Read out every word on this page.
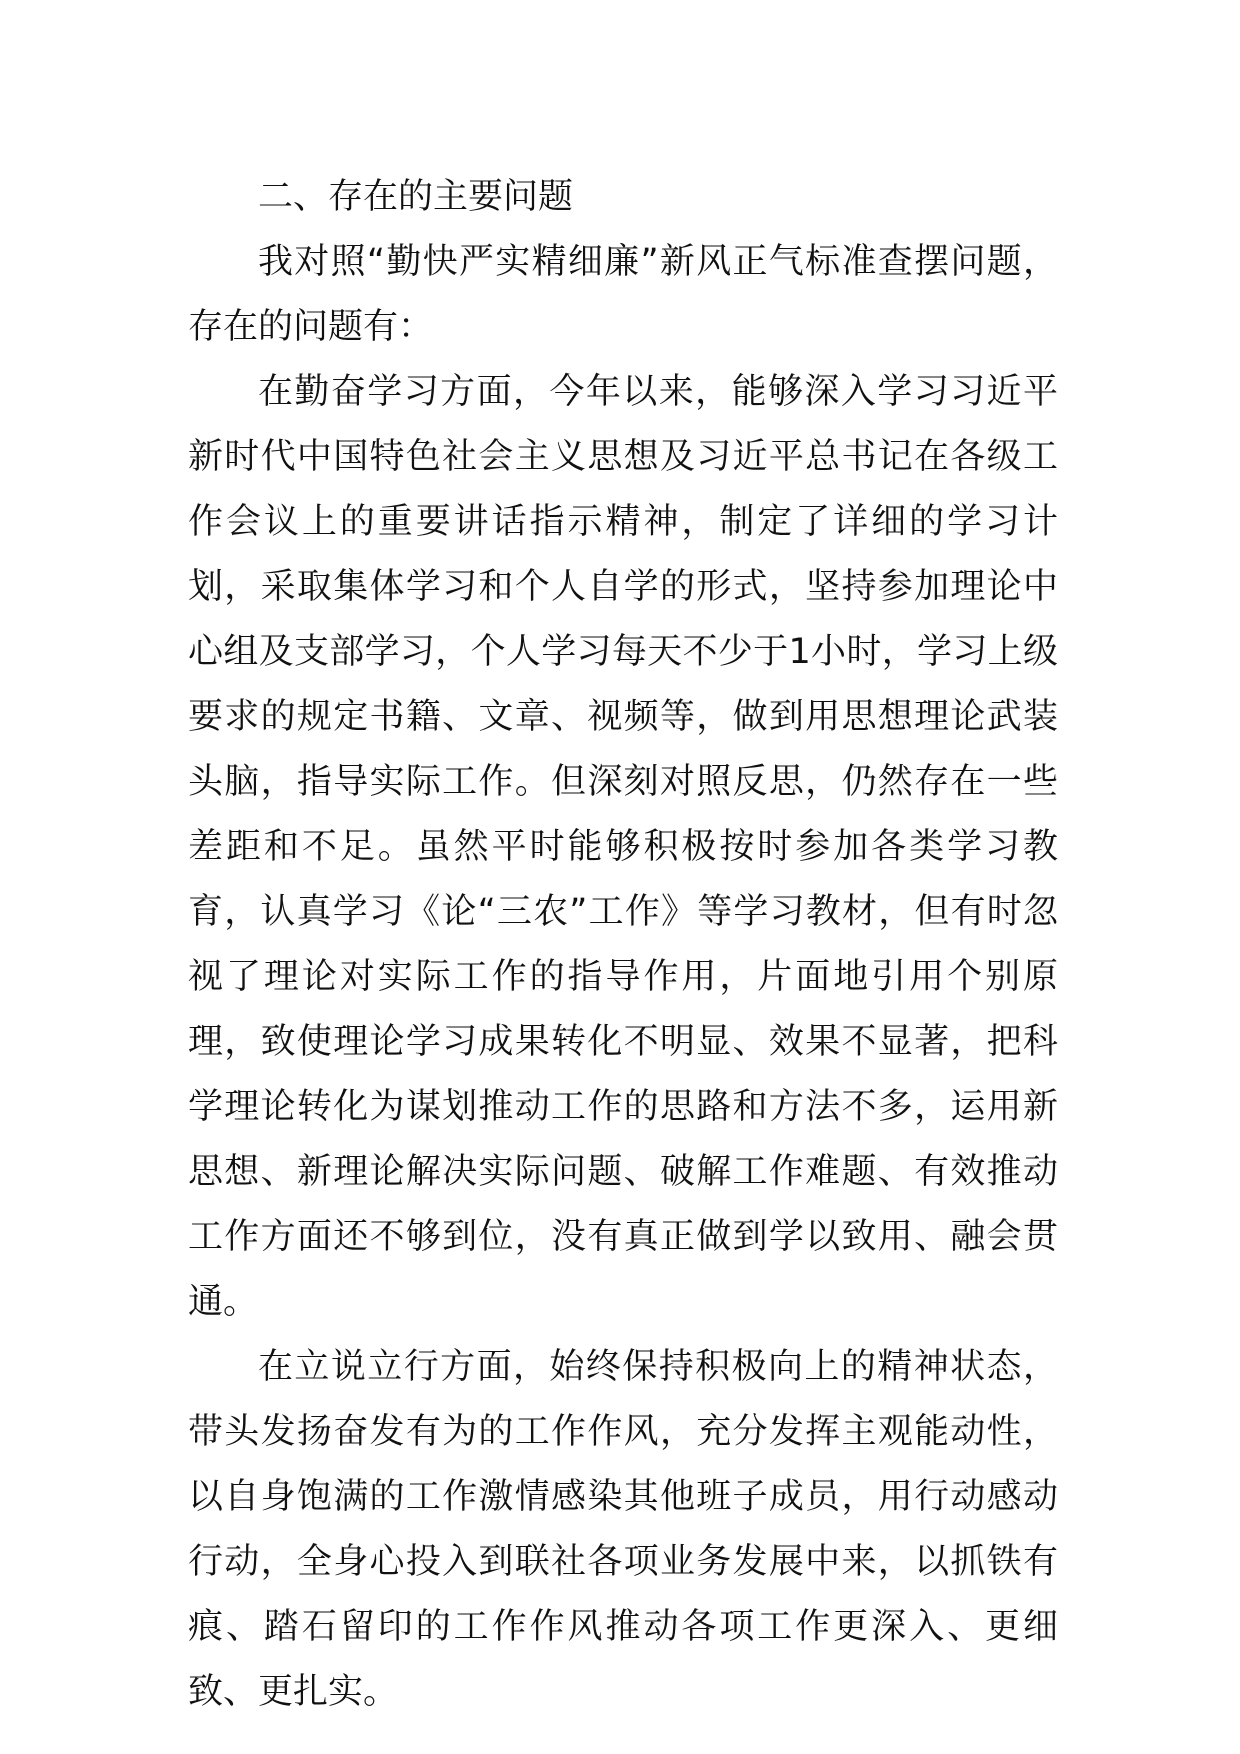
二、存在的主要问题

我对照“勤快严实精细廉”新风正气标准查摆问题，存在的问题有：

在勤奋学习方面，今年以来，能够深入学习习近平新时代中国特色社会主义思想及习近平总书记在各级工作会议上的重要讲话指示精神，制定了详细的学习计划，采取集体学习和个人自学的形式，坚持参加理论中心组及支部学习，个人学习每天不少于1小时，学习上级要求的规定书籍、文章、视频等，做到用思想理论武装头脑，指导实际工作。但深刻对照反思，仍然存在一些差距和不足。虽然平时能够积极按时参加各类学习教育，认真学习《论“三农”工作》等学习教材，但有时忽视了理论对实际工作的指导作用，片面地引用个别原理，致使理论学习成果转化不明显、效果不显著，把科学理论转化为谋划推动工作的思路和方法不多，运用新思想、新理论解决实际问题、破解工作难题、有效推动工作方面还不够到位，没有真正做到学以致用、融会贯通。

在立说立行方面，始终保持积极向上的精神状态，带头发扬奋发有为的工作作风，充分发挥主观能动性，以自身饱满的工作激情感染其他班子成员，用行动感动行动，全身心投入到联社各项业务发展中来，以抓铁有痕、踏石留印的工作作风推动各项工作更深入、更细致、更扎实。
